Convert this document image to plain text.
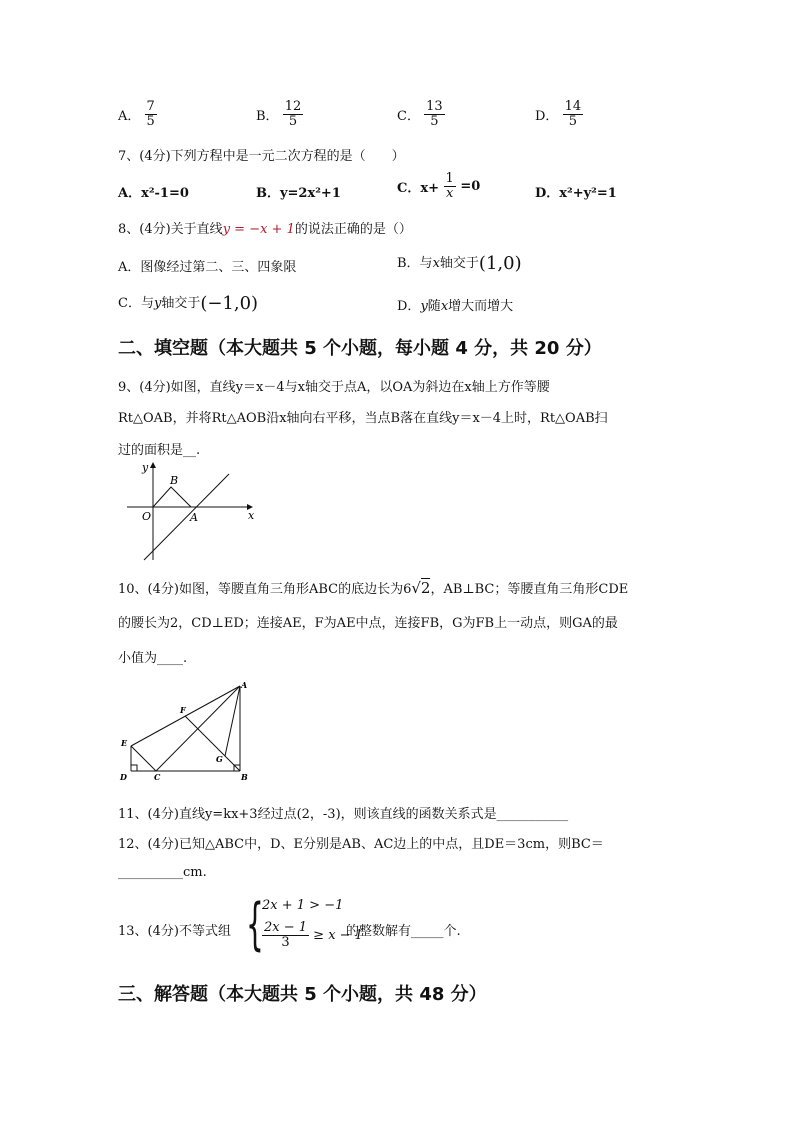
A． $\frac{7}{5}$	B． $\frac{12}{5}$	C． $\frac{13}{5}$	D． $\frac{14}{5}$
7、(4分)下列方程中是一元二次方程的是（　　）
A．x²-1=0	B．y=2x²+1	C．$x+ \frac{1}{x} =0$	D．x²+y²=1
8、(4分)关于直线y = −x + 1的说法正确的是（）
A．图像经过第二、三、四象限	B．与x轴交于(1,0)
C．与y轴交于(−1,0)	D．y随x增大而增大
二、填空题（本大题共 5 个小题，每小题 4 分，共 20 分）
9、(4分)如图，直线y＝x－4与x轴交于点A，以OA为斜边在x轴上方作等腰
Rt△OAB，并将Rt△AOB沿x轴向右平移，当点B落在直线y＝x－4上时，Rt△OAB扫
过的面积是__.
y
x
O	A
B
10、(4分)如图，等腰直角三角形ABC的底边长为6√2，AB⊥BC；等腰直角三角形CDE
的腰长为2，CD⊥ED；连接AE，F为AE中点，连接FB，G为FB上一动点，则GA的最
小值为____.
A
B
C
D
E
F
G
11、(4分)直线y=kx+3经过点(2，-3)，则该直线的函数关系式是___________
12、(4分)已知△ABC中，D、E分别是AB、AC边上的中点，且DE＝3cm，则BC＝
__________cm.
13、(4分)不等式组 {
2x + 1 > −1
$\frac{2x - 1}{3} \ge x - 1$
的整数解有_____个.
三、解答题（本大题共 5 个小题，共 48 分）
